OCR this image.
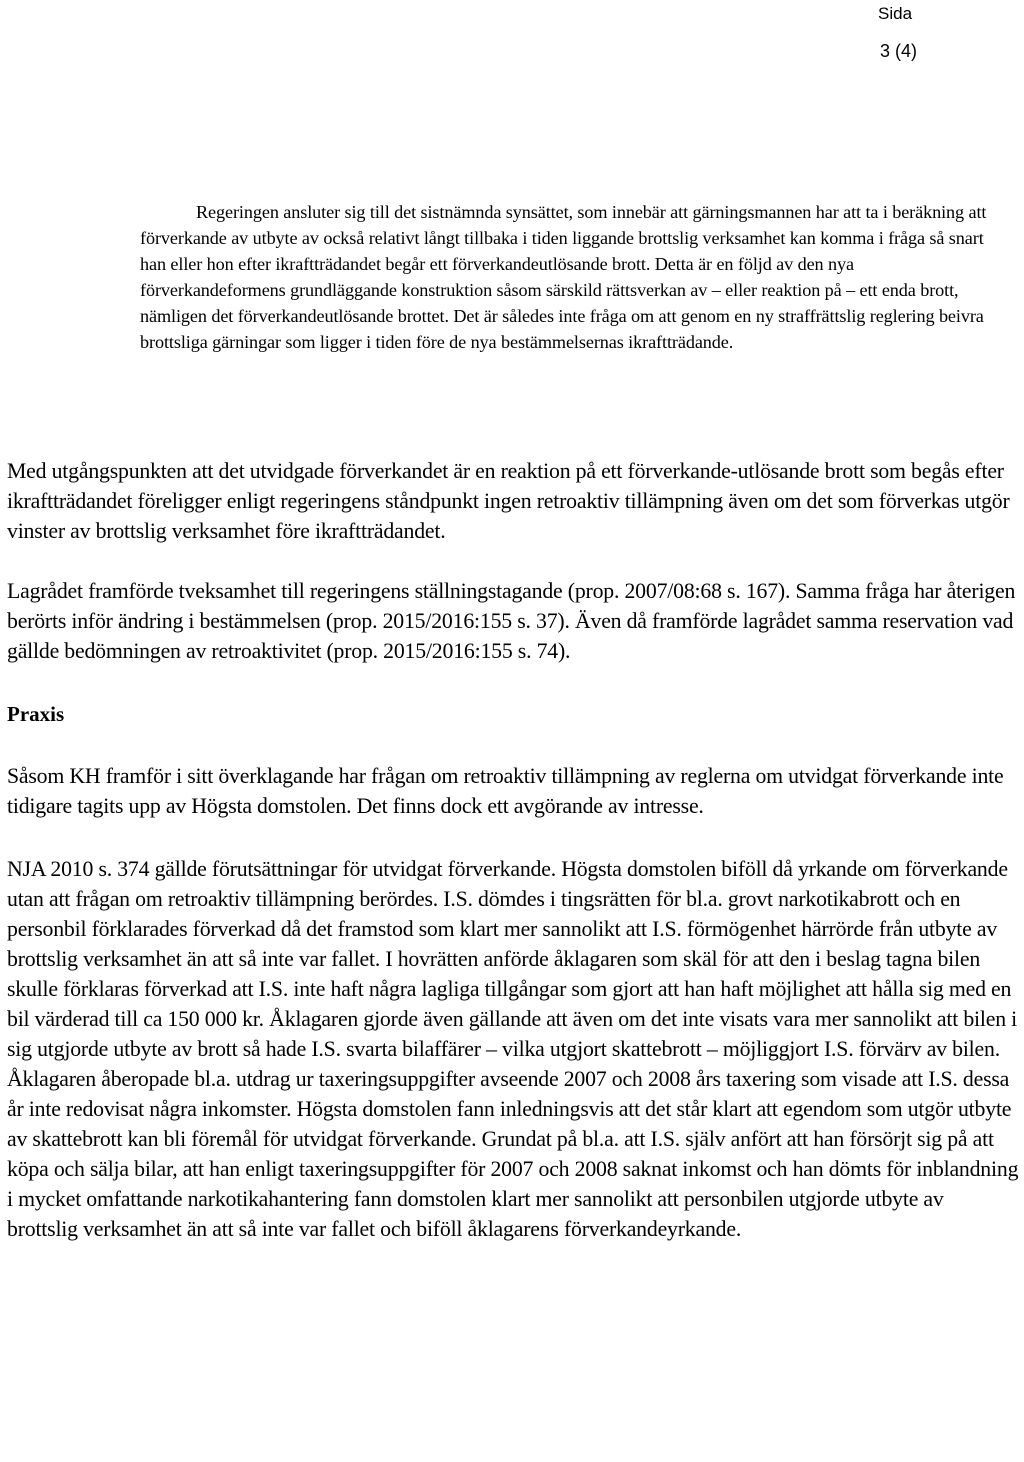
Sida
3 (4)

Regeringen ansluter sig till det sistnämnda synsättet, som innebär att gärningsmannen har att ta i beräkning att förverkande av utbyte av också relativt långt tillbaka i tiden liggande brottslig verksamhet kan komma i fråga så snart han eller hon efter ikraftträdandet begår ett förverkandeutlösande brott. Detta är en följd av den nya förverkandeformens grundläggande konstruktion såsom särskild rättsverkan av – eller reaktion på – ett enda brott, nämligen det förverkandeutlösande brottet. Det är således inte fråga om att genom en ny straffrättslig reglering beivra brottsliga gärningar som ligger i tiden före de nya bestämmelsernas ikraftträdande.

Med utgångspunkten att det utvidgade förverkandet är en reaktion på ett förverkande-utlösande brott som begås efter ikraftträdandet föreligger enligt regeringens ståndpunkt ingen retroaktiv tillämpning även om det som förverkas utgör vinster av brottslig verksamhet före ikraftträdandet.

Lagrådet framförde tveksamhet till regeringens ställningstagande (prop. 2007/08:68 s. 167). Samma fråga har återigen berörts inför ändring i bestämmelsen (prop. 2015/2016:155 s. 37). Även då framförde lagrådet samma reservation vad gällde bedömningen av retroaktivitet (prop. 2015/2016:155 s. 74).

Praxis

Såsom KH framför i sitt överklagande har frågan om retroaktiv tillämpning av reglerna om utvidgat förverkande inte tidigare tagits upp av Högsta domstolen. Det finns dock ett avgörande av intresse.

NJA 2010 s. 374 gällde förutsättningar för utvidgat förverkande. Högsta domstolen biföll då yrkande om förverkande utan att frågan om retroaktiv tillämpning berördes. I.S. dömdes i tingsrätten för bl.a. grovt narkotikabrott och en personbil förklarades förverkad då det framstod som klart mer sannolikt att I.S. förmögenhet härrörde från utbyte av brottslig verksamhet än att så inte var fallet. I hovrätten anförde åklagaren som skäl för att den i beslag tagna bilen skulle förklaras förverkad att I.S. inte haft några lagliga tillgångar som gjort att han haft möjlighet att hålla sig med en bil värderad till ca 150 000 kr. Åklagaren gjorde även gällande att även om det inte visats vara mer sannolikt att bilen i sig utgjorde utbyte av brott så hade I.S. svarta bilaffärer – vilka utgjort skattebrott – möjliggjort I.S. förvärv av bilen. Åklagaren åberopade bl.a. utdrag ur taxeringsuppgifter avseende 2007 och 2008 års taxering som visade att I.S. dessa år inte redovisat några inkomster. Högsta domstolen fann inledningsvis att det står klart att egendom som utgör utbyte av skattebrott kan bli föremål för utvidgat förverkande. Grundat på bl.a. att I.S. själv anfört att han försörjt sig på att köpa och sälja bilar, att han enligt taxeringsuppgifter för 2007 och 2008 saknat inkomst och han dömts för inblandning i mycket omfattande narkotikahantering fann domstolen klart mer sannolikt att personbilen utgjorde utbyte av brottslig verksamhet än att så inte var fallet och biföll åklagarens förverkandeyrkande.
